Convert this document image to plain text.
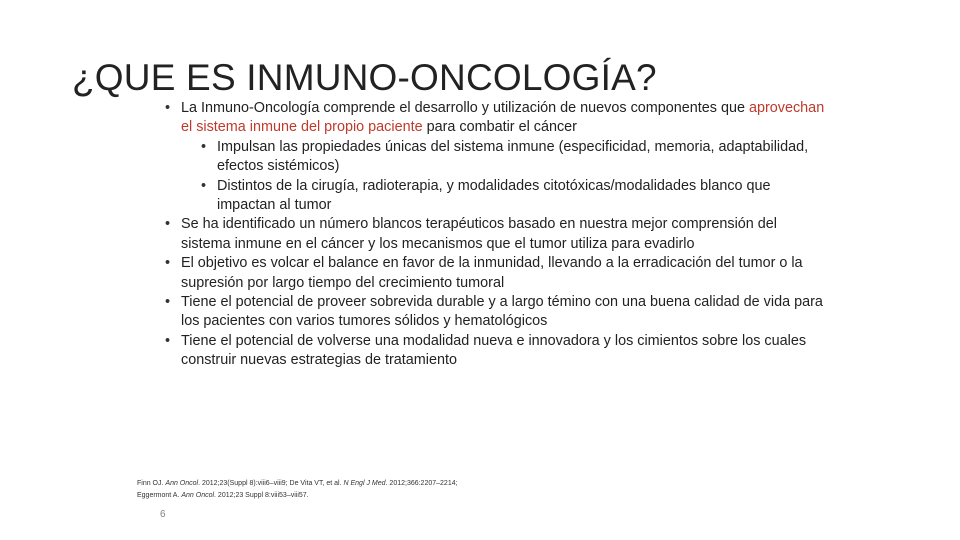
¿QUE ES INMUNO-ONCOLOGÍA?
• La Inmuno-Oncología comprende el desarrollo y utilización de nuevos componentes que aprovechan el sistema inmune del propio paciente para combatir el cáncer
• Impulsan las propiedades únicas del sistema inmune (especificidad, memoria, adaptabilidad, efectos sistémicos)
• Distintos de la cirugía, radioterapia, y modalidades citotóxicas/modalidades blanco que impactan al tumor
• Se ha identificado un número blancos terapéuticos basado en nuestra mejor comprensión del sistema inmune en el cáncer y los mecanismos que el tumor utiliza para evadirlo
• El objetivo es volcar el balance en favor de la inmunidad, llevando a la erradicación del tumor o la supresión por largo tiempo del crecimiento tumoral
• Tiene el potencial de proveer sobrevida durable y a largo témino con una buena calidad de vida para los pacientes con varios tumores sólidos y hematológicos
• Tiene el potencial de volverse una modalidad nueva e innovadora y los cimientos sobre los cuales construir nuevas estrategias de tratamiento
Finn OJ. Ann Oncol. 2012;23(Suppl 8):viii6–viii9; De Vita VT, et al. N Engl J Med. 2012;366:2207–2214;
Eggermont A. Ann Oncol. 2012;23 Suppl 8:viii53–viii57.
6
